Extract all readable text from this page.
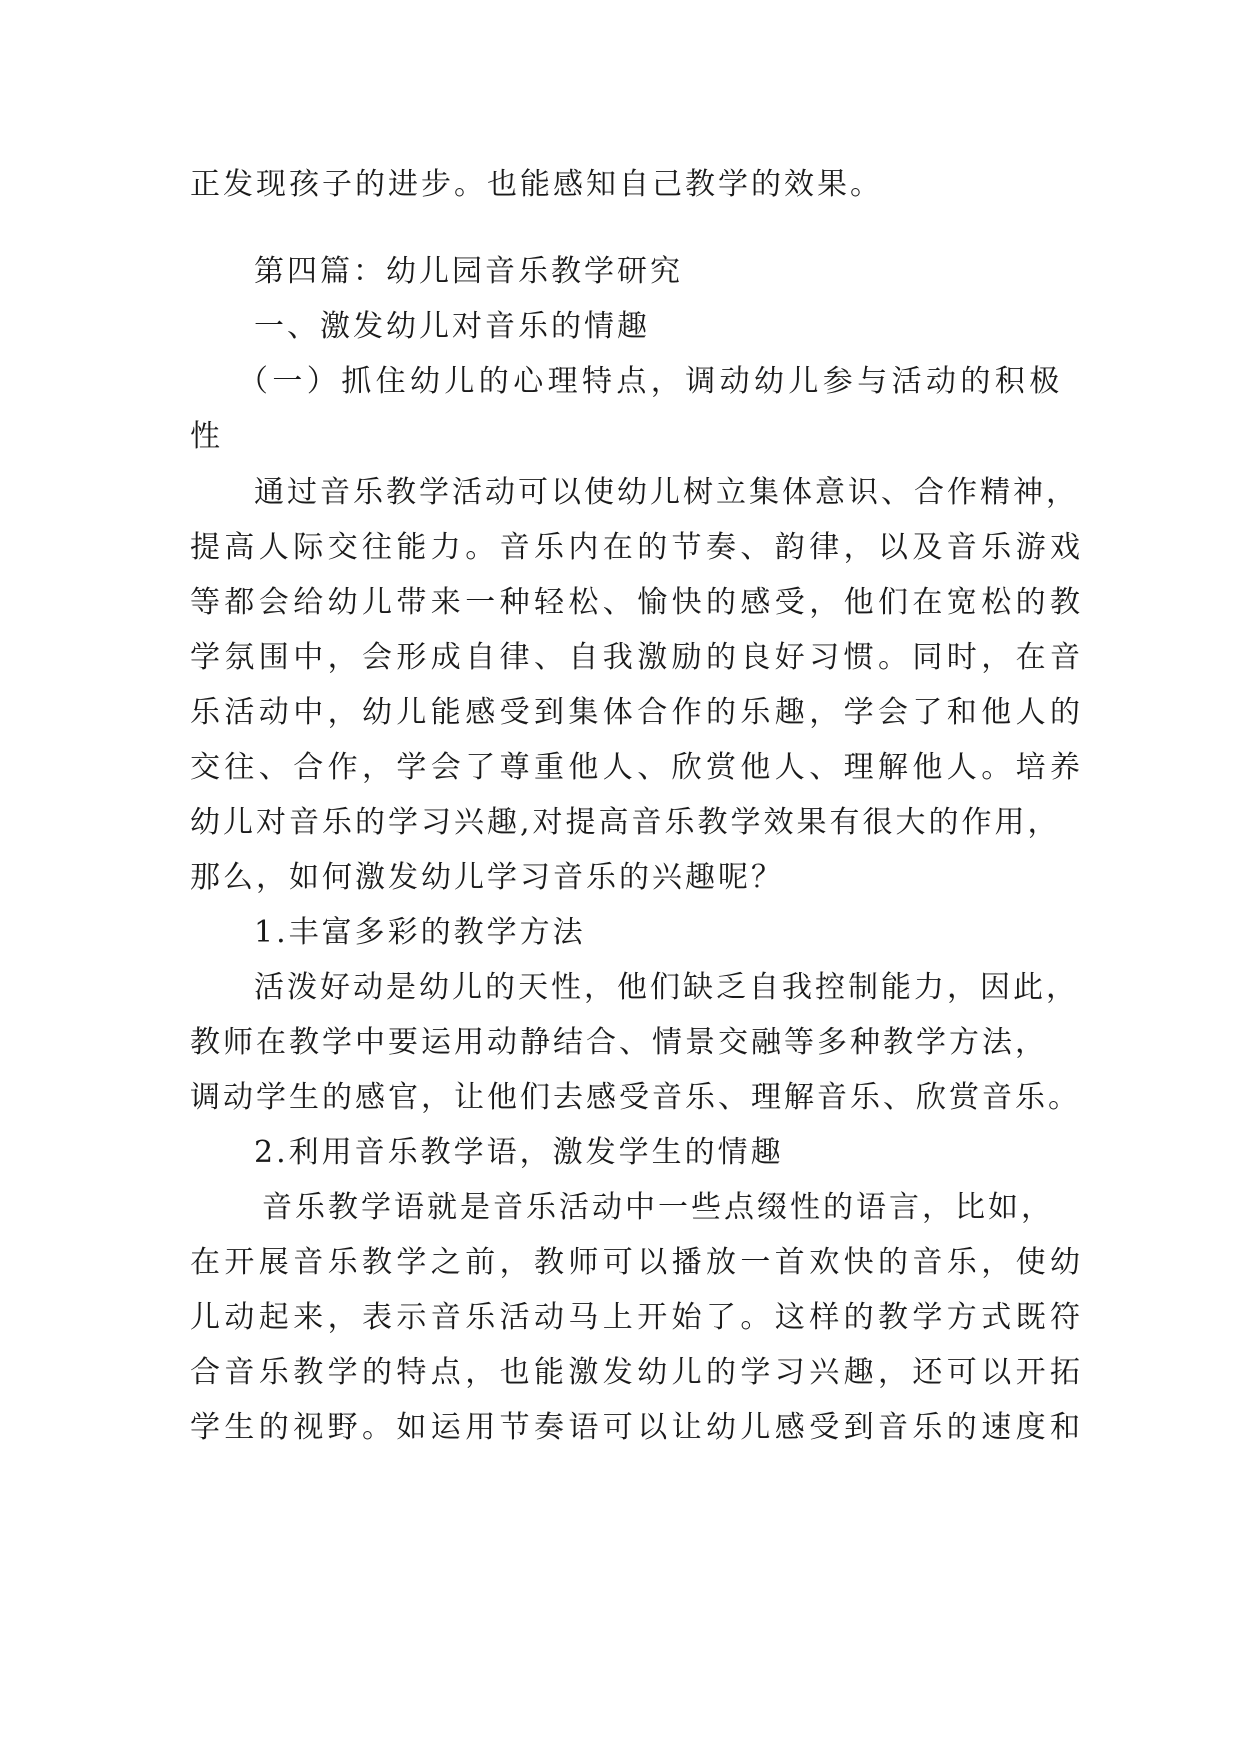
正发现孩子的进步。也能感知自己教学的效果。
第四篇：幼儿园音乐教学研究
一、激发幼儿对音乐的情趣
（一）抓住幼儿的心理特点，调动幼儿参与活动的积极
性
通过音乐教学活动可以使幼儿树立集体意识、合作精神，
提高人际交往能力。音乐内在的节奏、韵律，以及音乐游戏
等都会给幼儿带来一种轻松、愉快的感受，他们在宽松的教
学氛围中，会形成自律、自我激励的良好习惯。同时，在音
乐活动中，幼儿能感受到集体合作的乐趣，学会了和他人的
交往、合作，学会了尊重他人、欣赏他人、理解他人。培养
幼儿对音乐的学习兴趣,对提高音乐教学效果有很大的作用，
那么，如何激发幼儿学习音乐的兴趣呢？
1.丰富多彩的教学方法
活泼好动是幼儿的天性，他们缺乏自我控制能力，因此，
教师在教学中要运用动静结合、情景交融等多种教学方法，
调动学生的感官，让他们去感受音乐、理解音乐、欣赏音乐。
2.利用音乐教学语，激发学生的情趣
音乐教学语就是音乐活动中一些点缀性的语言，比如，
在开展音乐教学之前，教师可以播放一首欢快的音乐，使幼
儿动起来，表示音乐活动马上开始了。这样的教学方式既符
合音乐教学的特点，也能激发幼儿的学习兴趣，还可以开拓
学生的视野。如运用节奏语可以让幼儿感受到音乐的速度和
